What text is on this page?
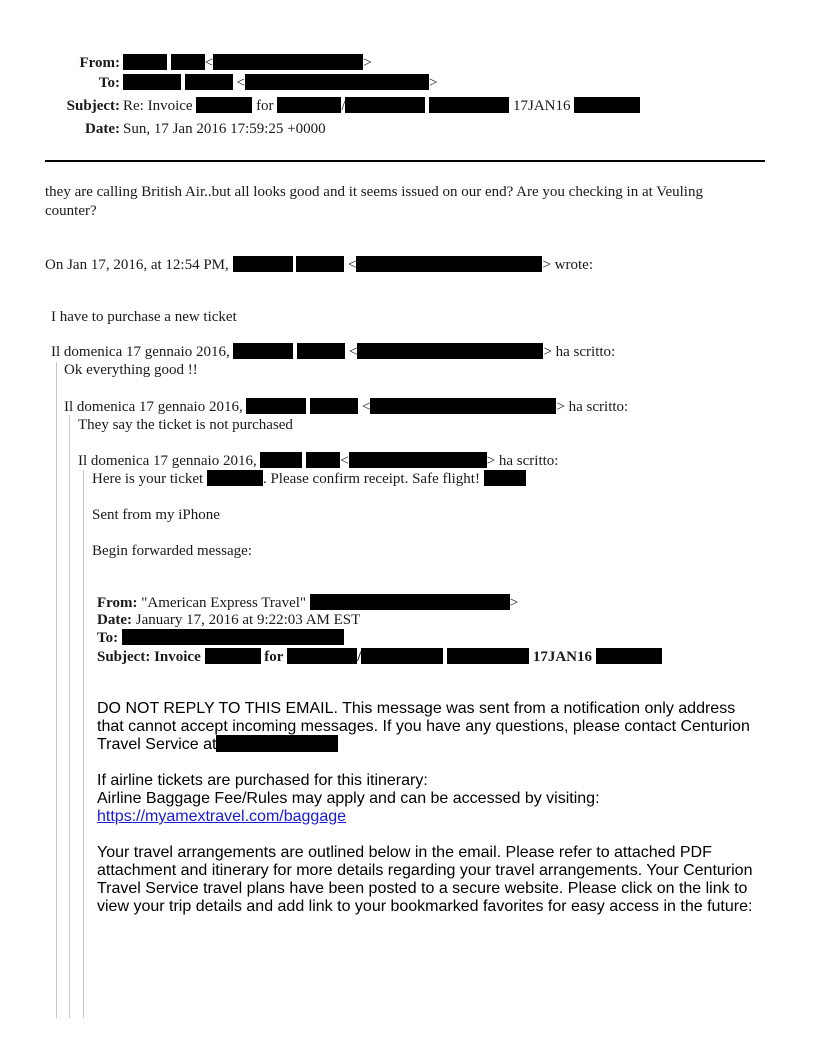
From:	<	>
To:	<	>
Subject: Re: Invoice	for	/	17JAN16
Date: Sun, 17 Jan 2016 17:59:25 +0000
they are calling British Air..but all looks good and it seems issued on our end? Are you checking in at Veuling
counter?
On Jan 17, 2016, at 12:54 PM,	<	> wrote:
I have to purchase a new ticket
Il domenica 17 gennaio 2016,	<	> ha scritto:
Ok everything good !!
Il domenica 17 gennaio 2016,	<	> ha scritto:
They say the ticket is not purchased
Il domenica 17 gennaio 2016,	<	> ha scritto:
Here is your ticket	. Please confirm receipt. Safe flight!
Sent from my iPhone
Begin forwarded message:
From: "American Express Travel"	>
Date: January 17, 2016 at 9:22:03 AM EST
To:
Subject: Invoice	for	/	17JAN16
DO NOT REPLY TO THIS EMAIL. This message was sent from a notification only address
that cannot accept incoming messages. If you have any questions, please contact Centurion
Travel Service at
If airline tickets are purchased for this itinerary:
Airline Baggage Fee/Rules may apply and can be accessed by visiting:
https://myamextravel.com/baggage
Your travel arrangements are outlined below in the email. Please refer to attached PDF
attachment and itinerary for more details regarding your travel arrangements. Your Centurion
Travel Service travel plans have been posted to a secure website. Please click on the link to
view your trip details and add link to your bookmarked favorites for easy access in the future:
